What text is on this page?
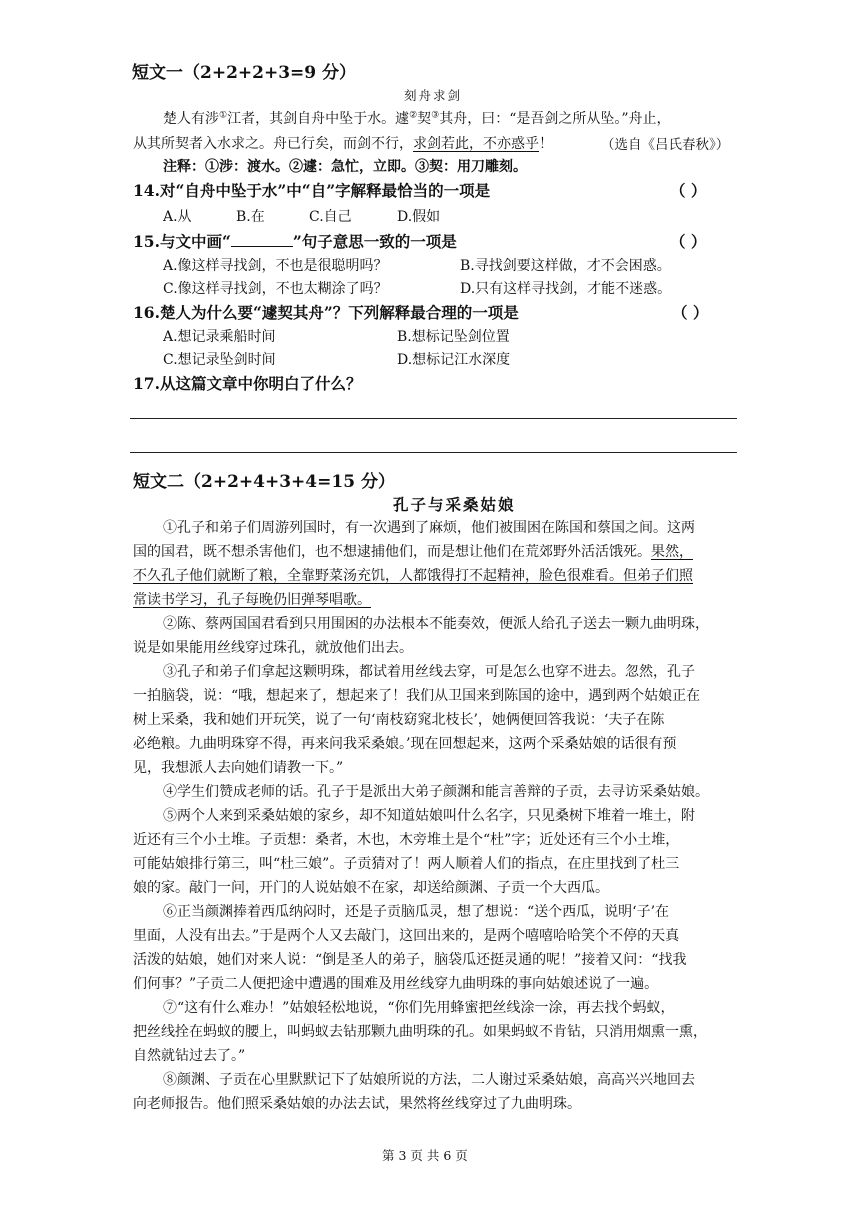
短文一（2+2+2+3=9 分）
刻舟求剑
楚人有涉①江者，其剑自舟中坠于水。遽②契③其舟，曰：“是吾剑之所从坠。”舟止，
从其所契者入水求之。舟已行矣，而剑不行，求剑若此，不亦惑乎！	（选自《吕氏春秋》）
注释：①涉：渡水。②遽：急忙，立即。③契：用刀雕刻。
14.对“自舟中坠于水”中“自”字解释最恰当的一项是	（ ）
A.从	B.在	C.自己	D.假如
15.与文中画“	”句子意思一致的一项是	（ ）
A.像这样寻找剑，不也是很聪明吗？	B.寻找剑要这样做，才不会困惑。
C.像这样寻找剑，不也太糊涂了吗？	D.只有这样寻找剑，才能不迷惑。
16.楚人为什么要“遽契其舟”？下列解释最合理的一项是	（ ）
A.想记录乘船时间	B.想标记坠剑位置
C.想记录坠剑时间	D.想标记江水深度
17.从这篇文章中你明白了什么？
短文二（2+2+4+3+4=15 分）
孔子与采桑姑娘
①孔子和弟子们周游列国时，有一次遇到了麻烦，他们被围困在陈国和蔡国之间。这两
国的国君，既不想杀害他们，也不想逮捕他们，而是想让他们在荒郊野外活活饿死。果然，
不久孔子他们就断了粮，全靠野菜汤充饥，人都饿得打不起精神，脸色很难看。但弟子们照
常读书学习，孔子每晚仍旧弹琴唱歌。
②陈、蔡两国国君看到只用围困的办法根本不能奏效，便派人给孔子送去一颗九曲明珠，
说是如果能用丝线穿过珠孔，就放他们出去。
③孔子和弟子们拿起这颗明珠，都试着用丝线去穿，可是怎么也穿不进去。忽然，孔子
一拍脑袋，说：“哦，想起来了，想起来了！我们从卫国来到陈国的途中，遇到两个姑娘正在
树上采桑，我和她们开玩笑，说了一句‘南枝窈窕北枝长’，她俩便回答我说：‘夫子在陈
必绝粮。九曲明珠穿不得，再来问我采桑娘。’现在回想起来，这两个采桑姑娘的话很有预
见，我想派人去向她们请教一下。”
④学生们赞成老师的话。孔子于是派出大弟子颜渊和能言善辩的子贡，去寻访采桑姑娘。
⑤两个人来到采桑姑娘的家乡，却不知道姑娘叫什么名字，只见桑树下堆着一堆土，附
近还有三个小土堆。子贡想：桑者，木也，木旁堆土是个“杜”字；近处还有三个小土堆，
可能姑娘排行第三，叫“杜三娘”。子贡猜对了！两人顺着人们的指点，在庄里找到了杜三
娘的家。敲门一问，开门的人说姑娘不在家，却送给颜渊、子贡一个大西瓜。
⑥正当颜渊捧着西瓜纳闷时，还是子贡脑瓜灵，想了想说：“送个西瓜，说明‘子’在
里面，人没有出去。”于是两个人又去敲门，这回出来的，是两个嘻嘻哈哈笑个不停的天真
活泼的姑娘，她们对来人说：“倒是圣人的弟子，脑袋瓜还挺灵通的呢！”接着又问：“找我
们何事？”子贡二人便把途中遭遇的围难及用丝线穿九曲明珠的事向姑娘述说了一遍。
⑦“这有什么难办！”姑娘轻松地说，“你们先用蜂蜜把丝线涂一涂，再去找个蚂蚁，
把丝线拴在蚂蚁的腰上，叫蚂蚁去钻那颗九曲明珠的孔。如果蚂蚁不肯钻，只消用烟熏一熏，
自然就钻过去了。”
⑧颜渊、子贡在心里默默记下了姑娘所说的方法，二人谢过采桑姑娘，高高兴兴地回去
向老师报告。他们照采桑姑娘的办法去试，果然将丝线穿过了九曲明珠。
第 3 页 共 6 页
